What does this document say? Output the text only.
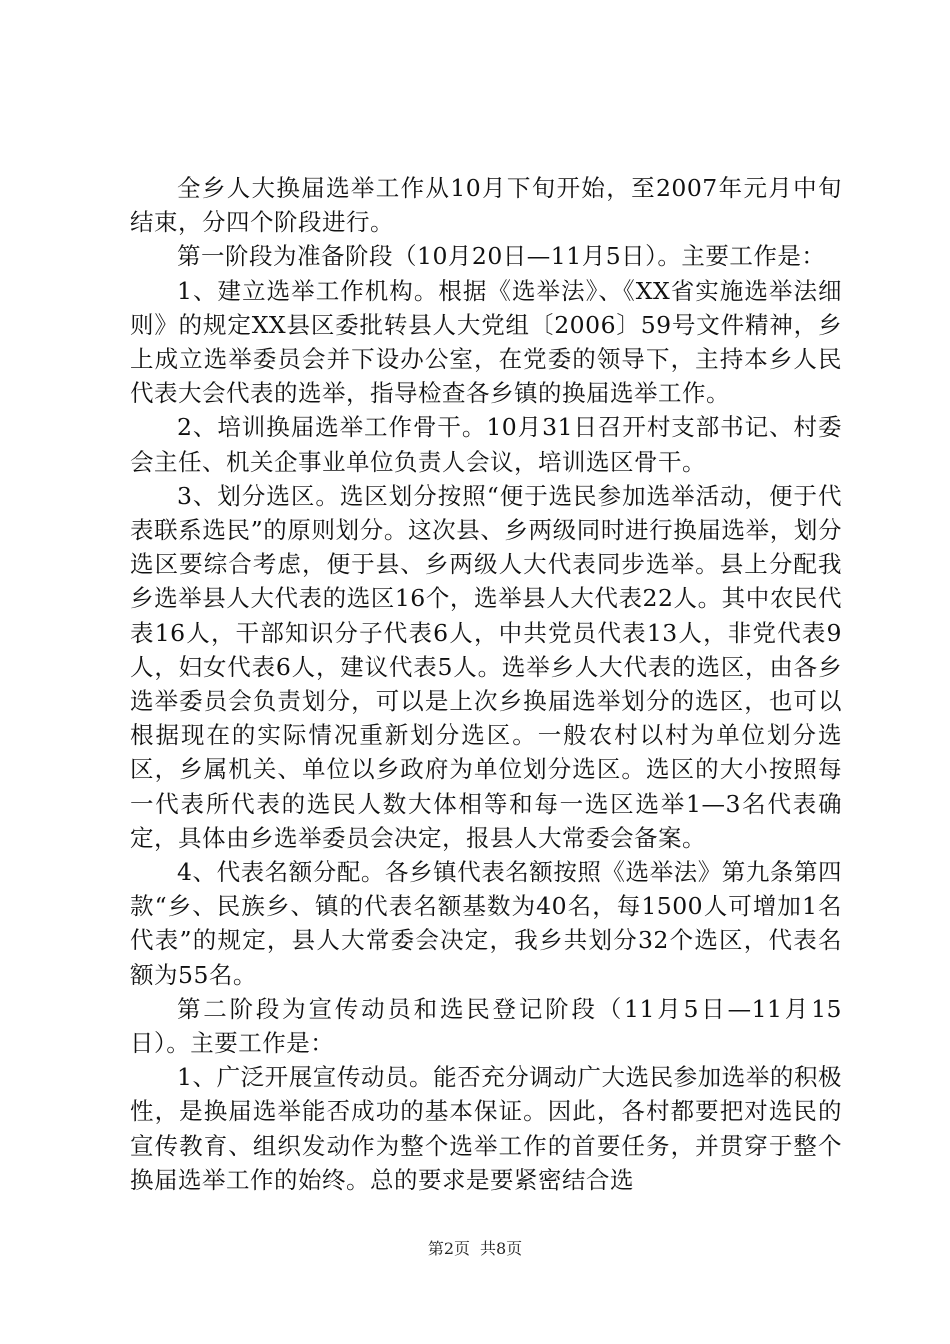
全乡人大换届选举工作从10月下旬开始，至2007年元月中旬结束，分四个阶段进行。

第一阶段为准备阶段（10月20日—11月5日）。主要工作是：

1、建立选举工作机构。根据《选举法》、《XX省实施选举法细则》的规定XX县区委批转县人大党组〔2006〕59号文件精神，乡上成立选举委员会并下设办公室，在党委的领导下，主持本乡人民代表大会代表的选举，指导检查各乡镇的换届选举工作。

2、培训换届选举工作骨干。10月31日召开村支部书记、村委会主任、机关企事业单位负责人会议，培训选区骨干。

3、划分选区。选区划分按照“便于选民参加选举活动，便于代表联系选民”的原则划分。这次县、乡两级同时进行换届选举，划分选区要综合考虑，便于县、乡两级人大代表同步选举。县上分配我乡选举县人大代表的选区16个，选举县人大代表22人。其中农民代表16人，干部知识分子代表6人，中共党员代表13人，非党代表9人，妇女代表6人，建议代表5人。选举乡人大代表的选区，由各乡选举委员会负责划分，可以是上次乡换届选举划分的选区，也可以根据现在的实际情况重新划分选区。一般农村以村为单位划分选区，乡属机关、单位以乡政府为单位划分选区。选区的大小按照每一代表所代表的选民人数大体相等和每一选区选举1—3名代表确定，具体由乡选举委员会决定，报县人大常委会备案。

4、代表名额分配。各乡镇代表名额按照《选举法》第九条第四款“乡、民族乡、镇的代表名额基数为40名，每1500人可增加1名代表”的规定，县人大常委会决定，我乡共划分32个选区，代表名额为55名。

第二阶段为宣传动员和选民登记阶段（11月5日—11月15日）。主要工作是：

1、广泛开展宣传动员。能否充分调动广大选民参加选举的积极性，是换届选举能否成功的基本保证。因此，各村都要把对选民的宣传教育、组织发动作为整个选举工作的首要任务，并贯穿于整个换届选举工作的始终。总的要求是要紧密结合选

第2页 共8页
